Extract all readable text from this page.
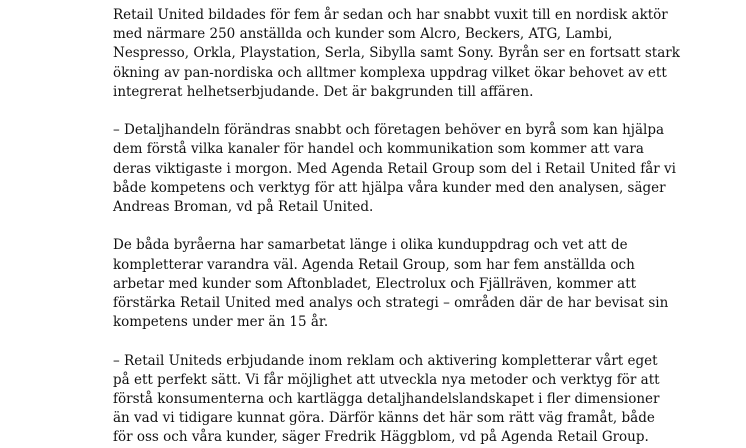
Retail United bildades för fem år sedan och har snabbt vuxit till en nordisk aktör
med närmare 250 anställda och kunder som Alcro, Beckers, ATG, Lambi,
Nespresso, Orkla, Playstation, Serla, Sibylla samt Sony. Byrån ser en fortsatt stark
ökning av pan-nordiska och alltmer komplexa uppdrag vilket ökar behovet av ett
integrerat helhetserbjudande. Det är bakgrunden till affären.

– Detaljhandeln förändras snabbt och företagen behöver en byrå som kan hjälpa
dem förstå vilka kanaler för handel och kommunikation som kommer att vara
deras viktigaste i morgon. Med Agenda Retail Group som del i Retail United får vi
både kompetens och verktyg för att hjälpa våra kunder med den analysen, säger
Andreas Broman, vd på Retail United.

De båda byråerna har samarbetat länge i olika kunduppdrag och vet att de
kompletterar varandra väl. Agenda Retail Group, som har fem anställda och
arbetar med kunder som Aftonbladet, Electrolux och Fjällräven, kommer att
förstärka Retail United med analys och strategi – områden där de har bevisat sin
kompetens under mer än 15 år.

– Retail Uniteds erbjudande inom reklam och aktivering kompletterar vårt eget
på ett perfekt sätt. Vi får möjlighet att utveckla nya metoder och verktyg för att
förstå konsumenterna och kartlägga detaljhandelslandskapet i fler dimensioner
än vad vi tidigare kunnat göra. Därför känns det här som rätt väg framåt, både
för oss och våra kunder, säger Fredrik Häggblom, vd på Agenda Retail Group.
